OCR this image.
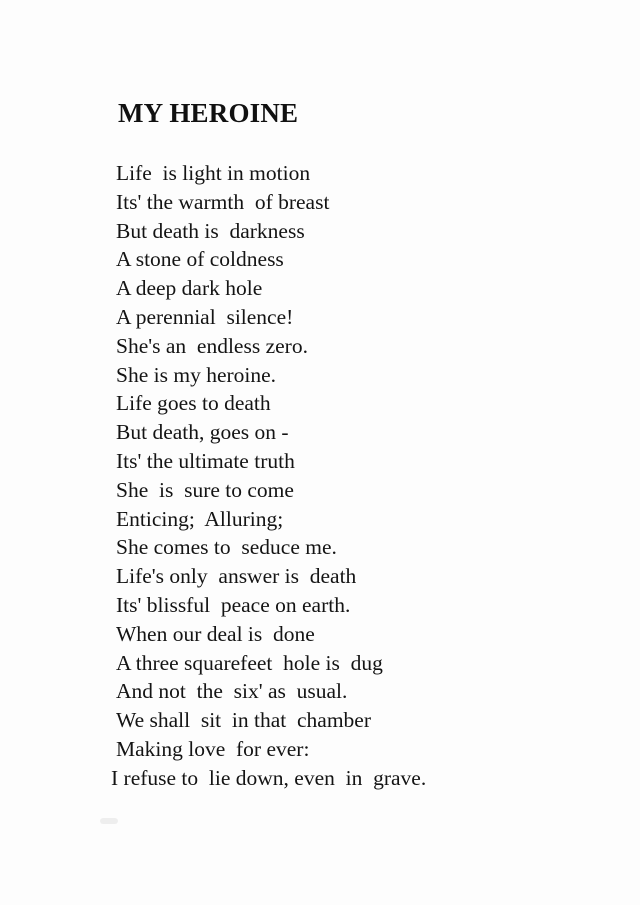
MY HEROINE
Life  is light in motion
Its' the warmth  of breast
But death is  darkness
A stone of coldness
A deep dark hole
A perennial  silence!
She's an  endless zero.
She is my heroine.
Life goes to death
But death, goes on -
Its' the ultimate truth
She  is  sure to come
Enticing;  Alluring;
She comes to  seduce me.
Life's only  answer is  death
Its' blissful  peace on earth.
When our deal is  done
A three squarefeet  hole is  dug
And not  the  six' as  usual.
We shall  sit  in that  chamber
Making love  for ever:
I refuse to  lie down, even  in  grave.
